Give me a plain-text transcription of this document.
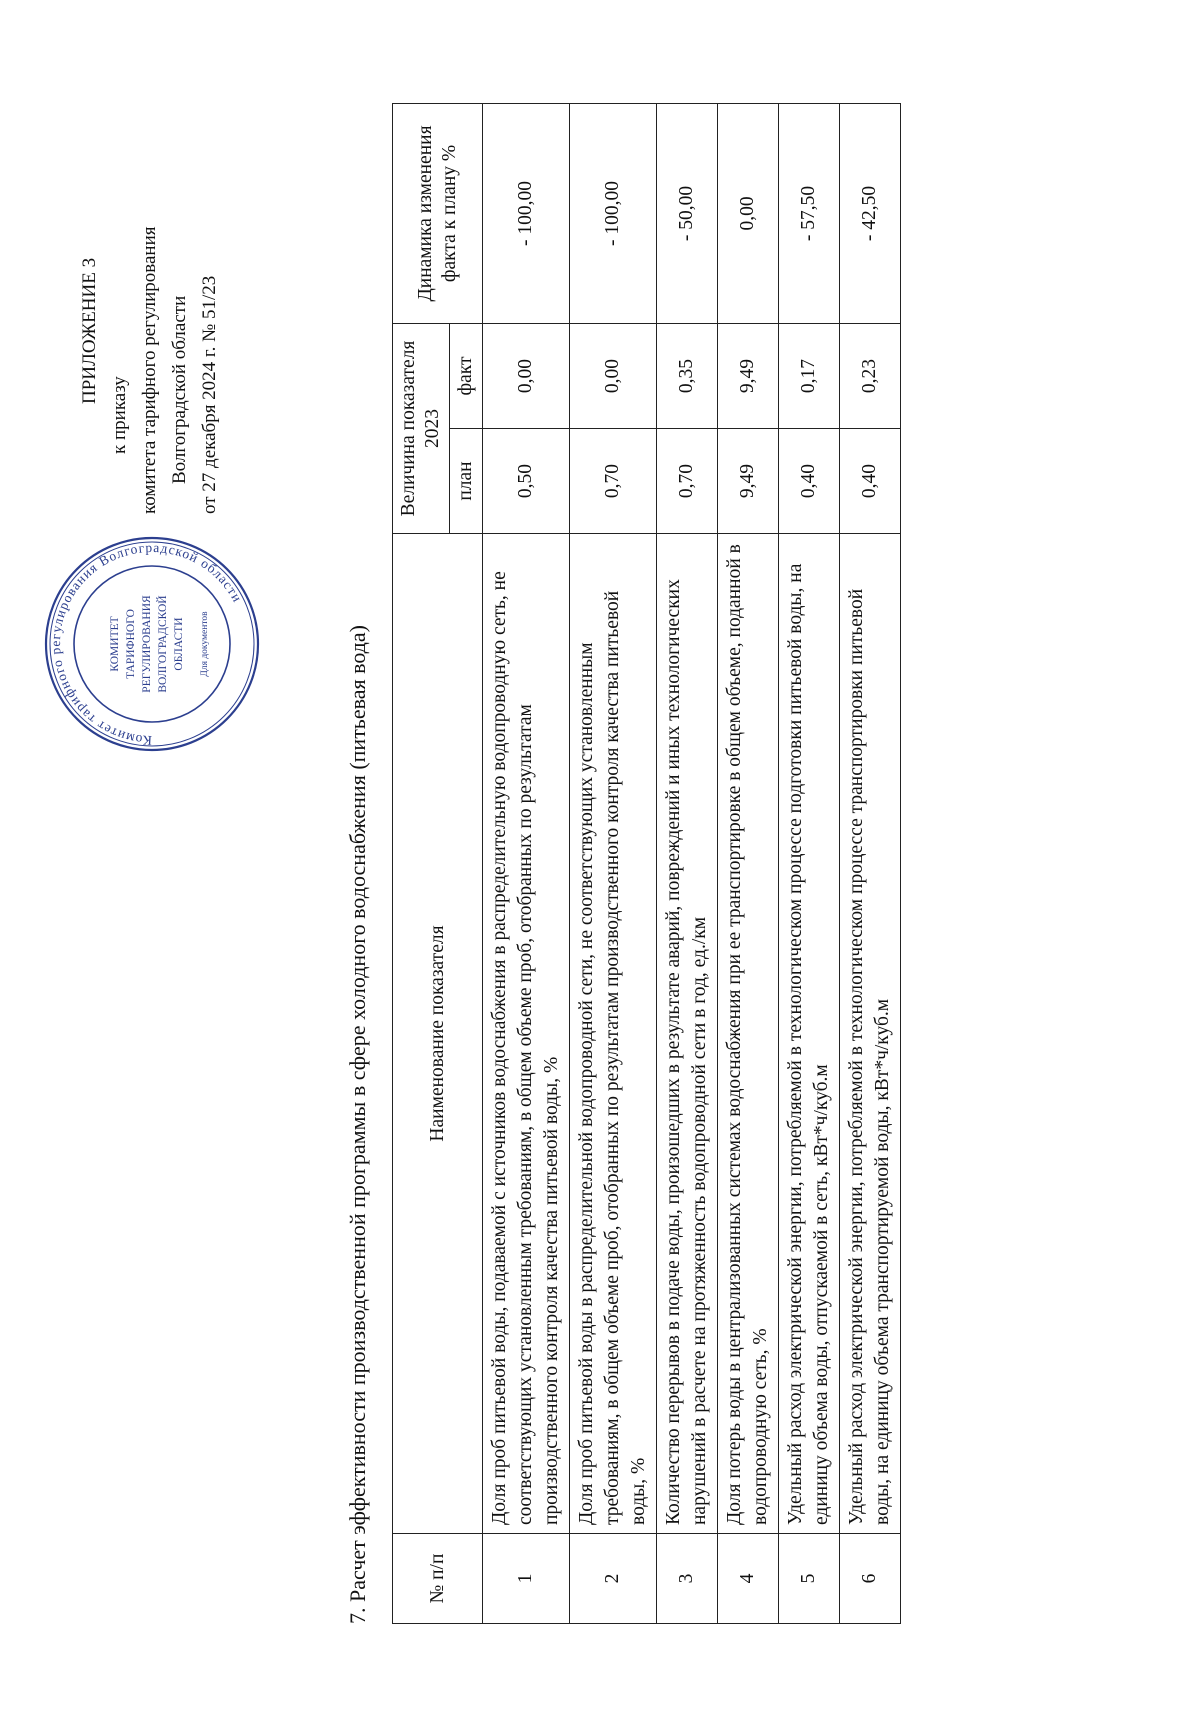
ПРИЛОЖЕНИЕ 3
к приказу комитета тарифного регулирования Волгоградской области от 27 декабря 2024 г. № 51/23
Комитет тарифного регулирования Волгоградской области
КОМИТЕТ ТАРИФНОГО РЕГУЛИРОВАНИЯ ВОЛГОГРАДСКОЙ ОБЛАСТИ Для документов	7. Расчет эффективности производственной программы в сфере холодного водоснабжения (питьевая вода)	№ п/п	Наименование показателя	Величина показателя 2023		Динамика изменения факта к плану %
		план	факт	
1	Доля проб питьевой воды, подаваемой с источников водоснабжения в распределительную водопроводную сеть, не соответствующих установленным требованиям, в общем объеме проб, отобранных по результатам производственного контроля качества питьевой воды, %	0,50	0,00	- 100,00
2	Доля проб питьевой воды в распределительной водопроводной сети, не соответствующих установленным требованиям, в общем объеме проб, отобранных по результатам производственного контроля качества питьевой воды, %	0,70	0,00	- 100,00
3	Количество перерывов в подаче воды, произошедших в результате аварий, повреждений и иных технологических нарушений в расчете на протяженность водопроводной сети в год, ед./км	0,70	0,35	- 50,00
4	Доля потерь воды в централизованных системах водоснабжения при ее транспортировке в общем объеме, поданной в водопроводную сеть, %	9,49	9,49	0,00
5	Удельный расход электрической энергии, потребляемой в технологическом процессе подготовки питьевой воды, на единицу объема воды, отпускаемой в сеть, кВт*ч/куб.м	0,40	0,17	- 57,50
6	Удельный расход электрической энергии, потребляемой в технологическом процессе транспортировки питьевой воды, на единицу объема транспортируемой воды, кВт*ч/куб.м	0,40	0,23	- 42,50
